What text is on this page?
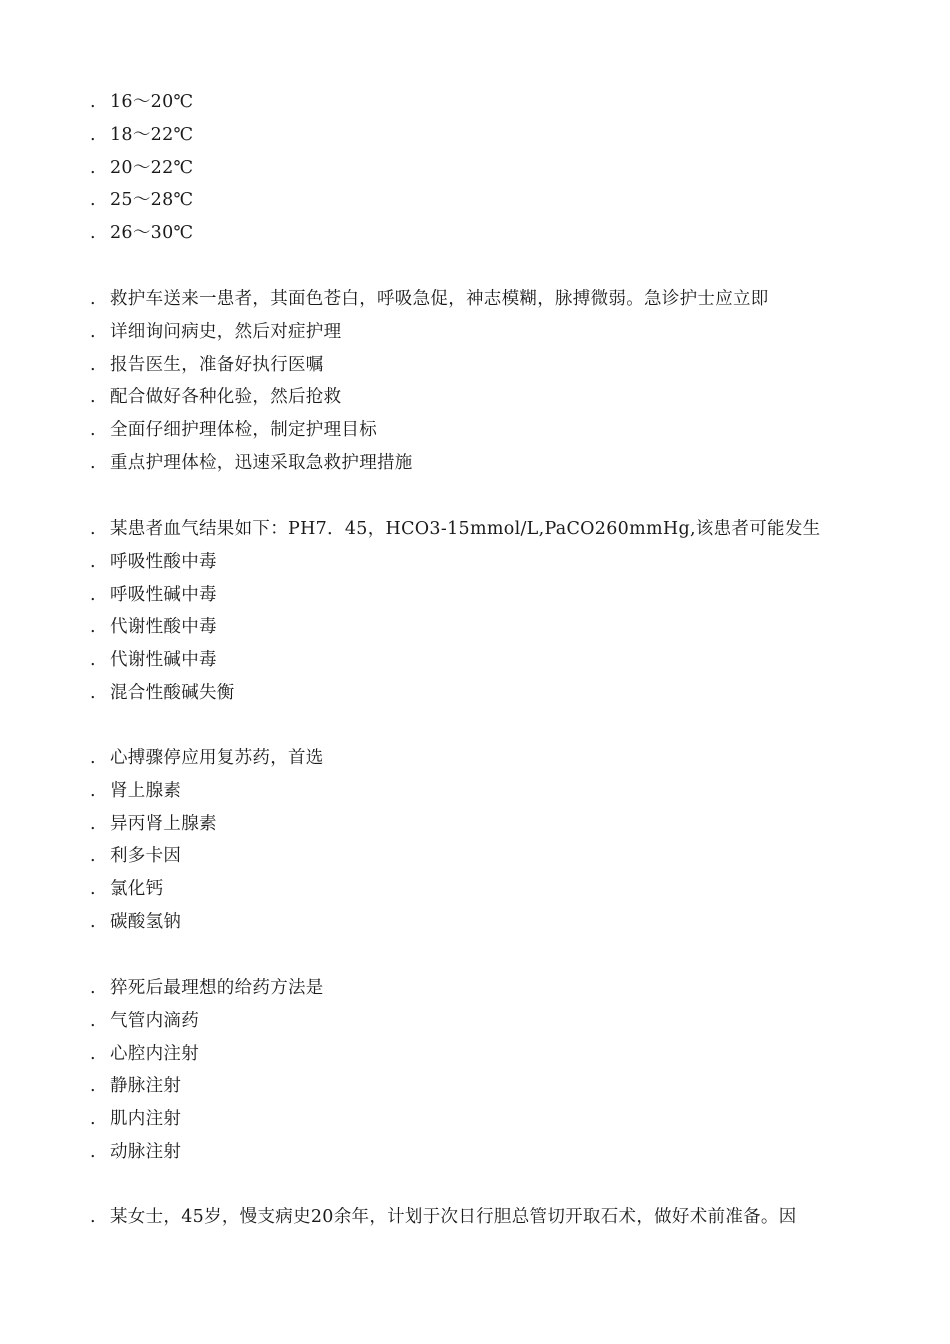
. 16～20℃
. 18～22℃
. 20～22℃
. 25～28℃
. 26～30℃
. 救护车送来一患者，其面色苍白，呼吸急促，神志模糊，脉搏微弱。急诊护士应立即
. 详细询问病史，然后对症护理
. 报告医生，准备好执行医嘱
. 配合做好各种化验，然后抢救
. 全面仔细护理体检，制定护理目标
. 重点护理体检，迅速采取急救护理措施
. 某患者血气结果如下：PH7．45，HCO3-15mmol/L,PaCO260mmHg,该患者可能发生
. 呼吸性酸中毒
. 呼吸性碱中毒
. 代谢性酸中毒
. 代谢性碱中毒
. 混合性酸碱失衡
. 心搏骤停应用复苏药，首选
. 肾上腺素
. 异丙肾上腺素
. 利多卡因
. 氯化钙
. 碳酸氢钠
. 猝死后最理想的给药方法是
. 气管内滴药
. 心腔内注射
. 静脉注射
. 肌内注射
. 动脉注射
. 某女士，45岁，慢支病史20余年，计划于次日行胆总管切开取石术，做好术前准备。因
